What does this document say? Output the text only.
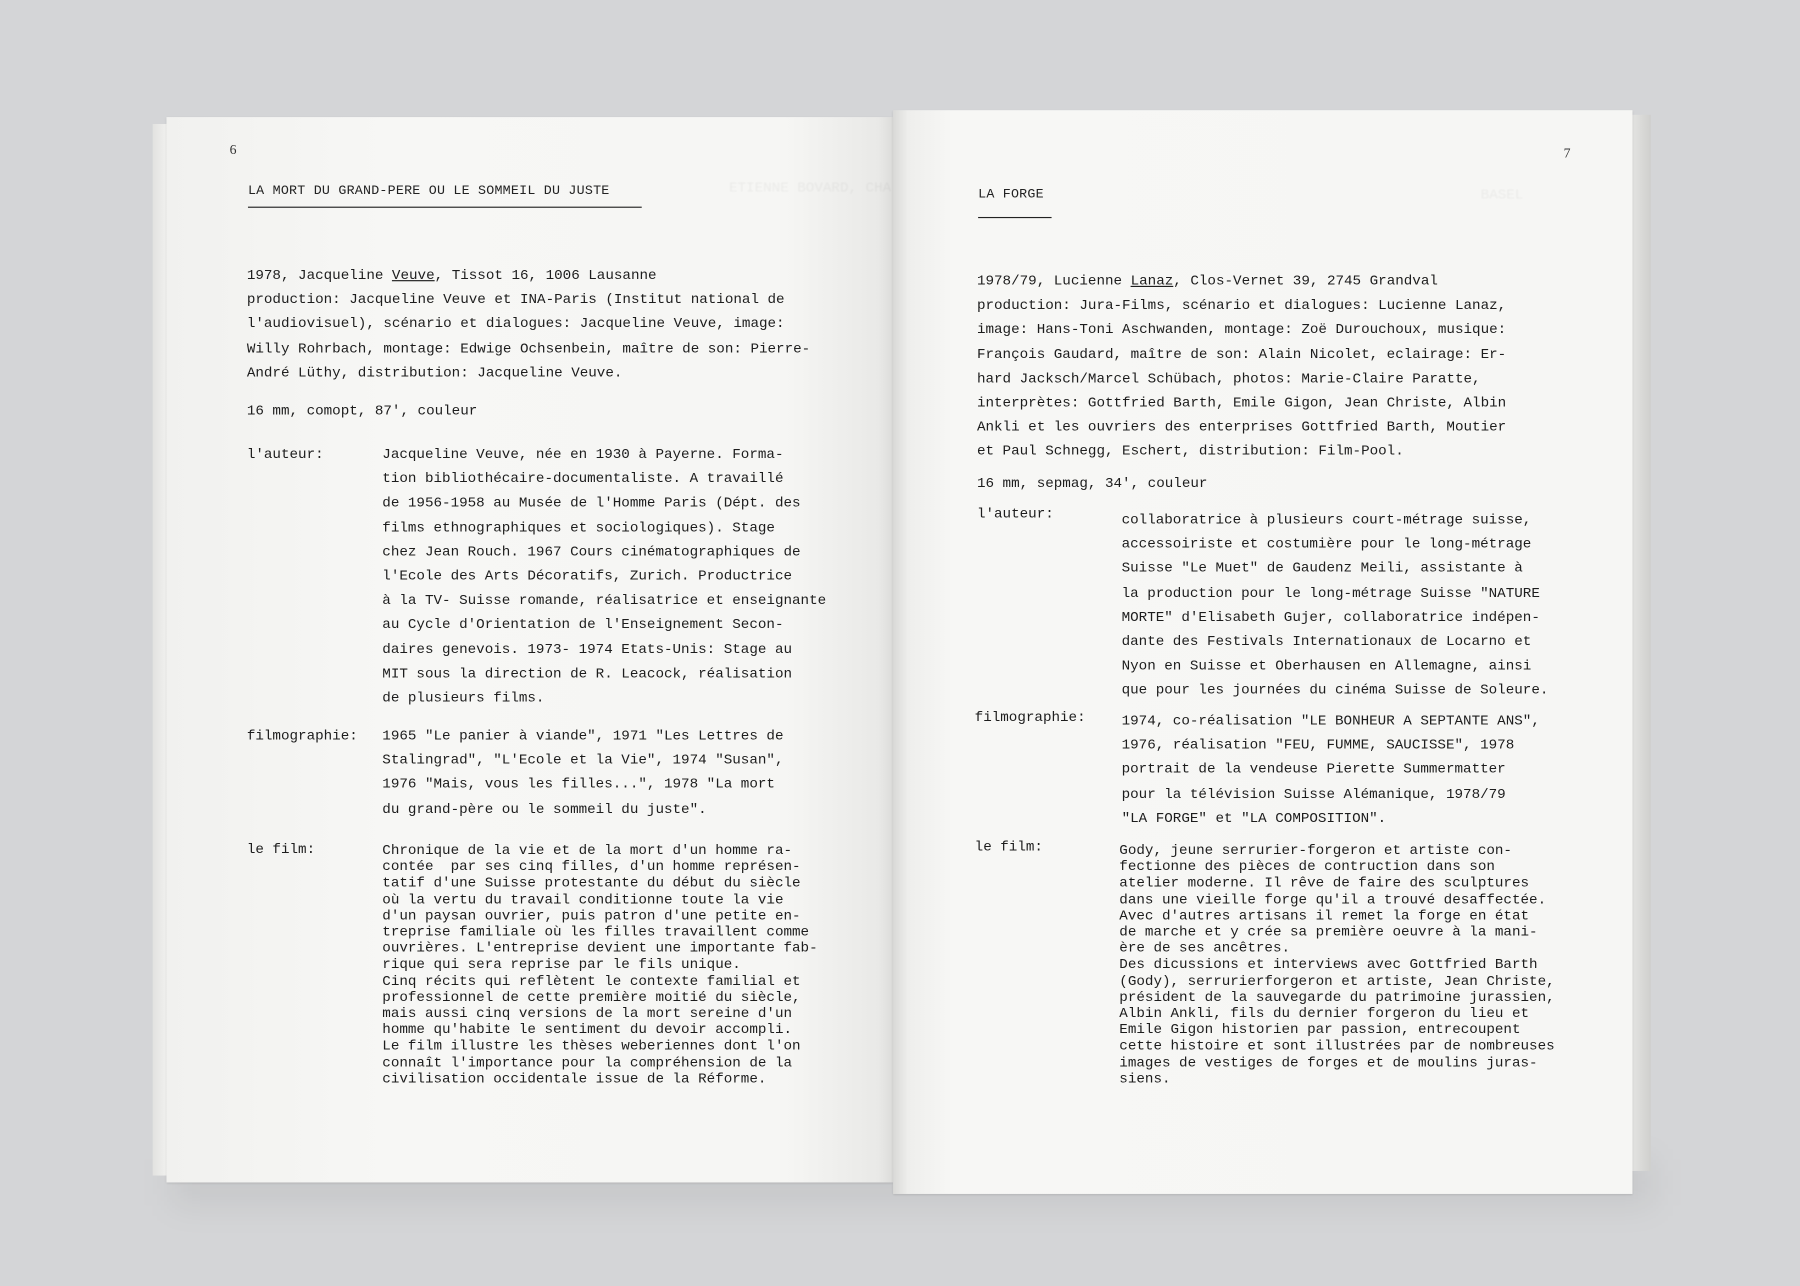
ETIENNE BOVARD, CHA
6
LA MORT DU GRAND-PERE OU LE SOMMEIL DU JUSTE
1978, Jacqueline Veuve, Tissot 16, 1006 Lausanne
production: Jacqueline Veuve et INA-Paris (Institut national de
l'audiovisuel), scénario et dialogues: Jacqueline Veuve, image:
Willy Rohrbach, montage: Edwige Ochsenbein, maître de son: Pierre-
André Lüthy, distribution: Jacqueline Veuve.
16 mm, comopt, 87', couleur
l'auteur:	Jacqueline Veuve, née en 1930 à Payerne. Forma-
tion bibliothécaire-documentaliste. A travaillé
de 1956-1958 au Musée de l'Homme Paris (Dépt. des
films ethnographiques et sociologiques). Stage
chez Jean Rouch. 1967 Cours cinématographiques de
l'Ecole des Arts Décoratifs, Zurich. Productrice
à la TV- Suisse romande, réalisatrice et enseignante
au Cycle d'Orientation de l'Enseignement Secon-
daires genevois. 1973- 1974 Etats-Unis: Stage au
MIT sous la direction de R. Leacock, réalisation
de plusieurs films.
filmographie: 1965 "Le panier à viande", 1971 "Les Lettres de
Stalingrad", "L'Ecole et la Vie", 1974 "Susan",
1976 "Mais, vous les filles...", 1978 "La mort
du grand-père ou le sommeil du juste".
le film:	Chronique de la vie et de la mort d'un homme ra-
contée  par ses cinq filles, d'un homme représen-
tatif d'une Suisse protestante du début du siècle
où la vertu du travail conditionne toute la vie
d'un paysan ouvrier, puis patron d'une petite en-
treprise familiale où les filles travaillent comme
ouvrières. L'entreprise devient une importante fab-
rique qui sera reprise par le fils unique.
Cinq récits qui reflètent le contexte familial et
professionnel de cette première moitié du siècle,
mais aussi cinq versions de la mort sereine d'un
homme qu'habite le sentiment du devoir accompli.
Le film illustre les thèses weberiennes dont l'on
connaît l'importance pour la compréhension de la
civilisation occidentale issue de la Réforme.
BASEL
7
LA FORGE
1978/79, Lucienne Lanaz, Clos-Vernet 39, 2745 Grandval
production: Jura-Films, scénario et dialogues: Lucienne Lanaz,
image: Hans-Toni Aschwanden, montage: Zoë Durouchoux, musique:
François Gaudard, maître de son: Alain Nicolet, eclairage: Er-
hard Jacksch/Marcel Schübach, photos: Marie-Claire Paratte,
interprètes: Gottfried Barth, Emile Gigon, Jean Christe, Albin
Ankli et les ouvriers des enterprises Gottfried Barth, Moutier
et Paul Schnegg, Eschert, distribution: Film-Pool.
16 mm, sepmag, 34', couleur
l'auteur:	collaboratrice à plusieurs court-métrage suisse,
accessoiriste et costumière pour le long-métrage
Suisse "Le Muet" de Gaudenz Meili, assistante à
la production pour le long-métrage Suisse "NATURE
MORTE" d'Elisabeth Gujer, collaboratrice indépen-
dante des Festivals Internationaux de Locarno et
Nyon en Suisse et Oberhausen en Allemagne, ainsi
que pour les journées du cinéma Suisse de Soleure.
filmographie:	1974, co-réalisation "LE BONHEUR A SEPTANTE ANS",
1976, réalisation "FEU, FUMME, SAUCISSE", 1978
portrait de la vendeuse Pierette Summermatter
pour la télévision Suisse Alémanique, 1978/79
"LA FORGE" et "LA COMPOSITION".
le film:	Gody, jeune serrurier-forgeron et artiste con-
fectionne des pièces de contruction dans son
atelier moderne. Il rêve de faire des sculptures
dans une vieille forge qu'il a trouvé desaffectée.
Avec d'autres artisans il remet la forge en état
de marche et y crée sa première oeuvre à la mani-
ère de ses ancêtres.
Des dicussions et interviews avec Gottfried Barth
(Gody), serrurierforgeron et artiste, Jean Christe,
président de la sauvegarde du patrimoine jurassien,
Albin Ankli, fils du dernier forgeron du lieu et
Emile Gigon historien par passion, entrecoupent
cette histoire et sont illustrées par de nombreuses
images de vestiges de forges et de moulins juras-
siens.
